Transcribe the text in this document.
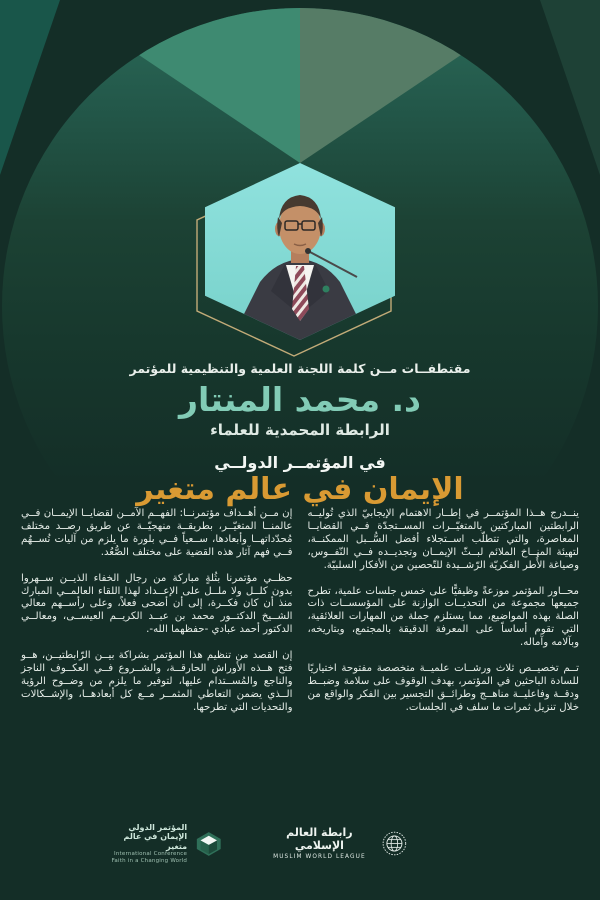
مقتطفــات مــن كلمة اللجنة العلمية والتنظيمية للمؤتمر
د. محمد المنتار
الرابطة المحمدية للعلماء
في المؤتمــر الدولــي
الإيمان في عالم متغير

ينــدرج هــذا المؤتمــر في إطــار الاهتمام الإيجابيّ الذي تُوليــه الرابطتين المباركتين بالمتغيّــرات المســتجدّة فــي القضايــا المعاصرة، والتي تتطلّب اســتجلاء أفضل السُّــبل الممكنــة، لتهيئة المنــاخ الملائم لبــثّ الإيمــان وتجديــده فــي النّفــوس، وصياغة الأُطر الفكريّة الرّشــيدة للتّحصين من الأفكار السلبيّة.

محــاور المؤتمر موزعةً وظيفيًّا على خمس جلسات علمية، تطرح جميعها مجموعة من التحديــات الوازنة على المؤسســات ذات الصلة بهذه المواضيع، مما يستلزم جملة من المهارات العلائقية، التي تقوم أساساً على المعرفة الدقيقة بالمجتمع، وبتاريخه، وبآلامه وآماله.

تــم تخصيــص ثلاث ورشــات علميــة متخصصة مفتوحة اختياريًا للسادة الباحثين في المؤتمر، بهدف الوقوف على سلامة وضبــط ودقــة وفاعليــة مناهــج وطرائــق التجسير بين الفكر والواقع من خلال تنزيل ثمرات ما سلف في الجلسات.

إن مــن أهــداف مؤتمرنــا: الفهــم الآمــن لقضايــا الإيمــان فــي عالمنــا المتغيّــر، بطريقــة منهجيّــة عن طريق رصــد مختلف مُحدّداتهــا وأبعادها، ســعياً فــي بلورة ما يلزم من آليات تُســهُم فــي فهم آثار هذه القضية على مختلف الصُّعُد.

حظــي مؤتمرنا بثُلةٍ مباركة من رجال الخفاء الذيــن ســهروا بدون كلــل ولا ملــل على الإعــداد لهذا اللقاء العالمــي المبارك منذ أن كان فكــرة، إلى أن أضحى فعلاً، وعلى رأســهم معالي الشــيخ الدكتــور محمد بن عبــد الكريــم العيســى، ومعالــي الدكتور أحمد عبادي -حفظهما الله-.

إن القصد من تنظيم هذا المؤتمر بشراكة بيــن الرّابطتيــن، هــو فتح هــذه الأوراش الحارقــة، والشــروع فــي العكــوف الناجز والناجع والمُســتدام عليها، لتوفير ما يلزم من وضــوح الرؤية الــذي يضمن التعاطي المثمــر مــع كل أبعادهــا، والإشــكالات والتحديات التي تطرحها.

المؤتمر الدولي
الإيمان في عالم متغير
International Conference
Faith in a Changing World
رابطة العالم الإسلامي
MUSLIM WORLD LEAGUE
